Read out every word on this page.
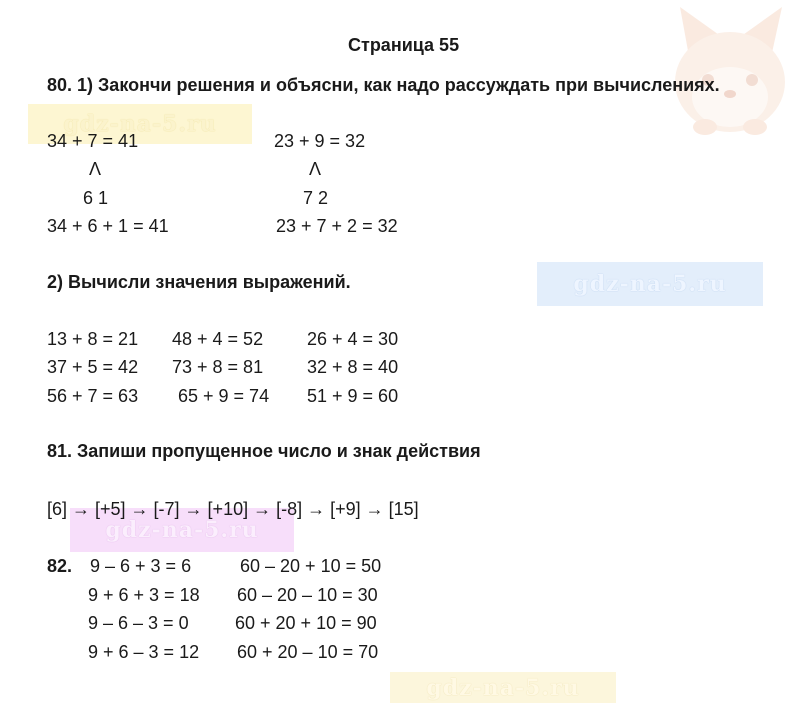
gdz-na-5.ru
gdz-na-5.ru
gdz-na-5.ru
gdz-na-5.ru
Страница 55
80. 1) Закончи решения и объясни, как надо рассуждать при вычислениях.
34 + 7 = 41
Λ
6 1
34 + 6 + 1 = 41
23 + 9 = 32
Λ
7 2
23 + 7 + 2 = 32
2) Вычисли значения выражений.
13 + 8 = 21 48 + 4 = 52 26 + 4 = 30
37 + 5 = 42 73 + 8 = 81 32 + 8 = 40
56 + 7 = 63 65 + 9 = 74 51 + 9 = 60
81. Запиши пропущенное число и знак действия
[6] → [+5] → [-7] → [+10] → [-8] → [+9] → [15]
82. 9 – 6 + 3 = 6
9 + 6 + 3 = 18
9 – 6 – 3 = 0
9 + 6 – 3 = 12
60 – 20 + 10 = 50
60 – 20 – 10 = 30
60 + 20 + 10 = 90
60 + 20 – 10 = 70
